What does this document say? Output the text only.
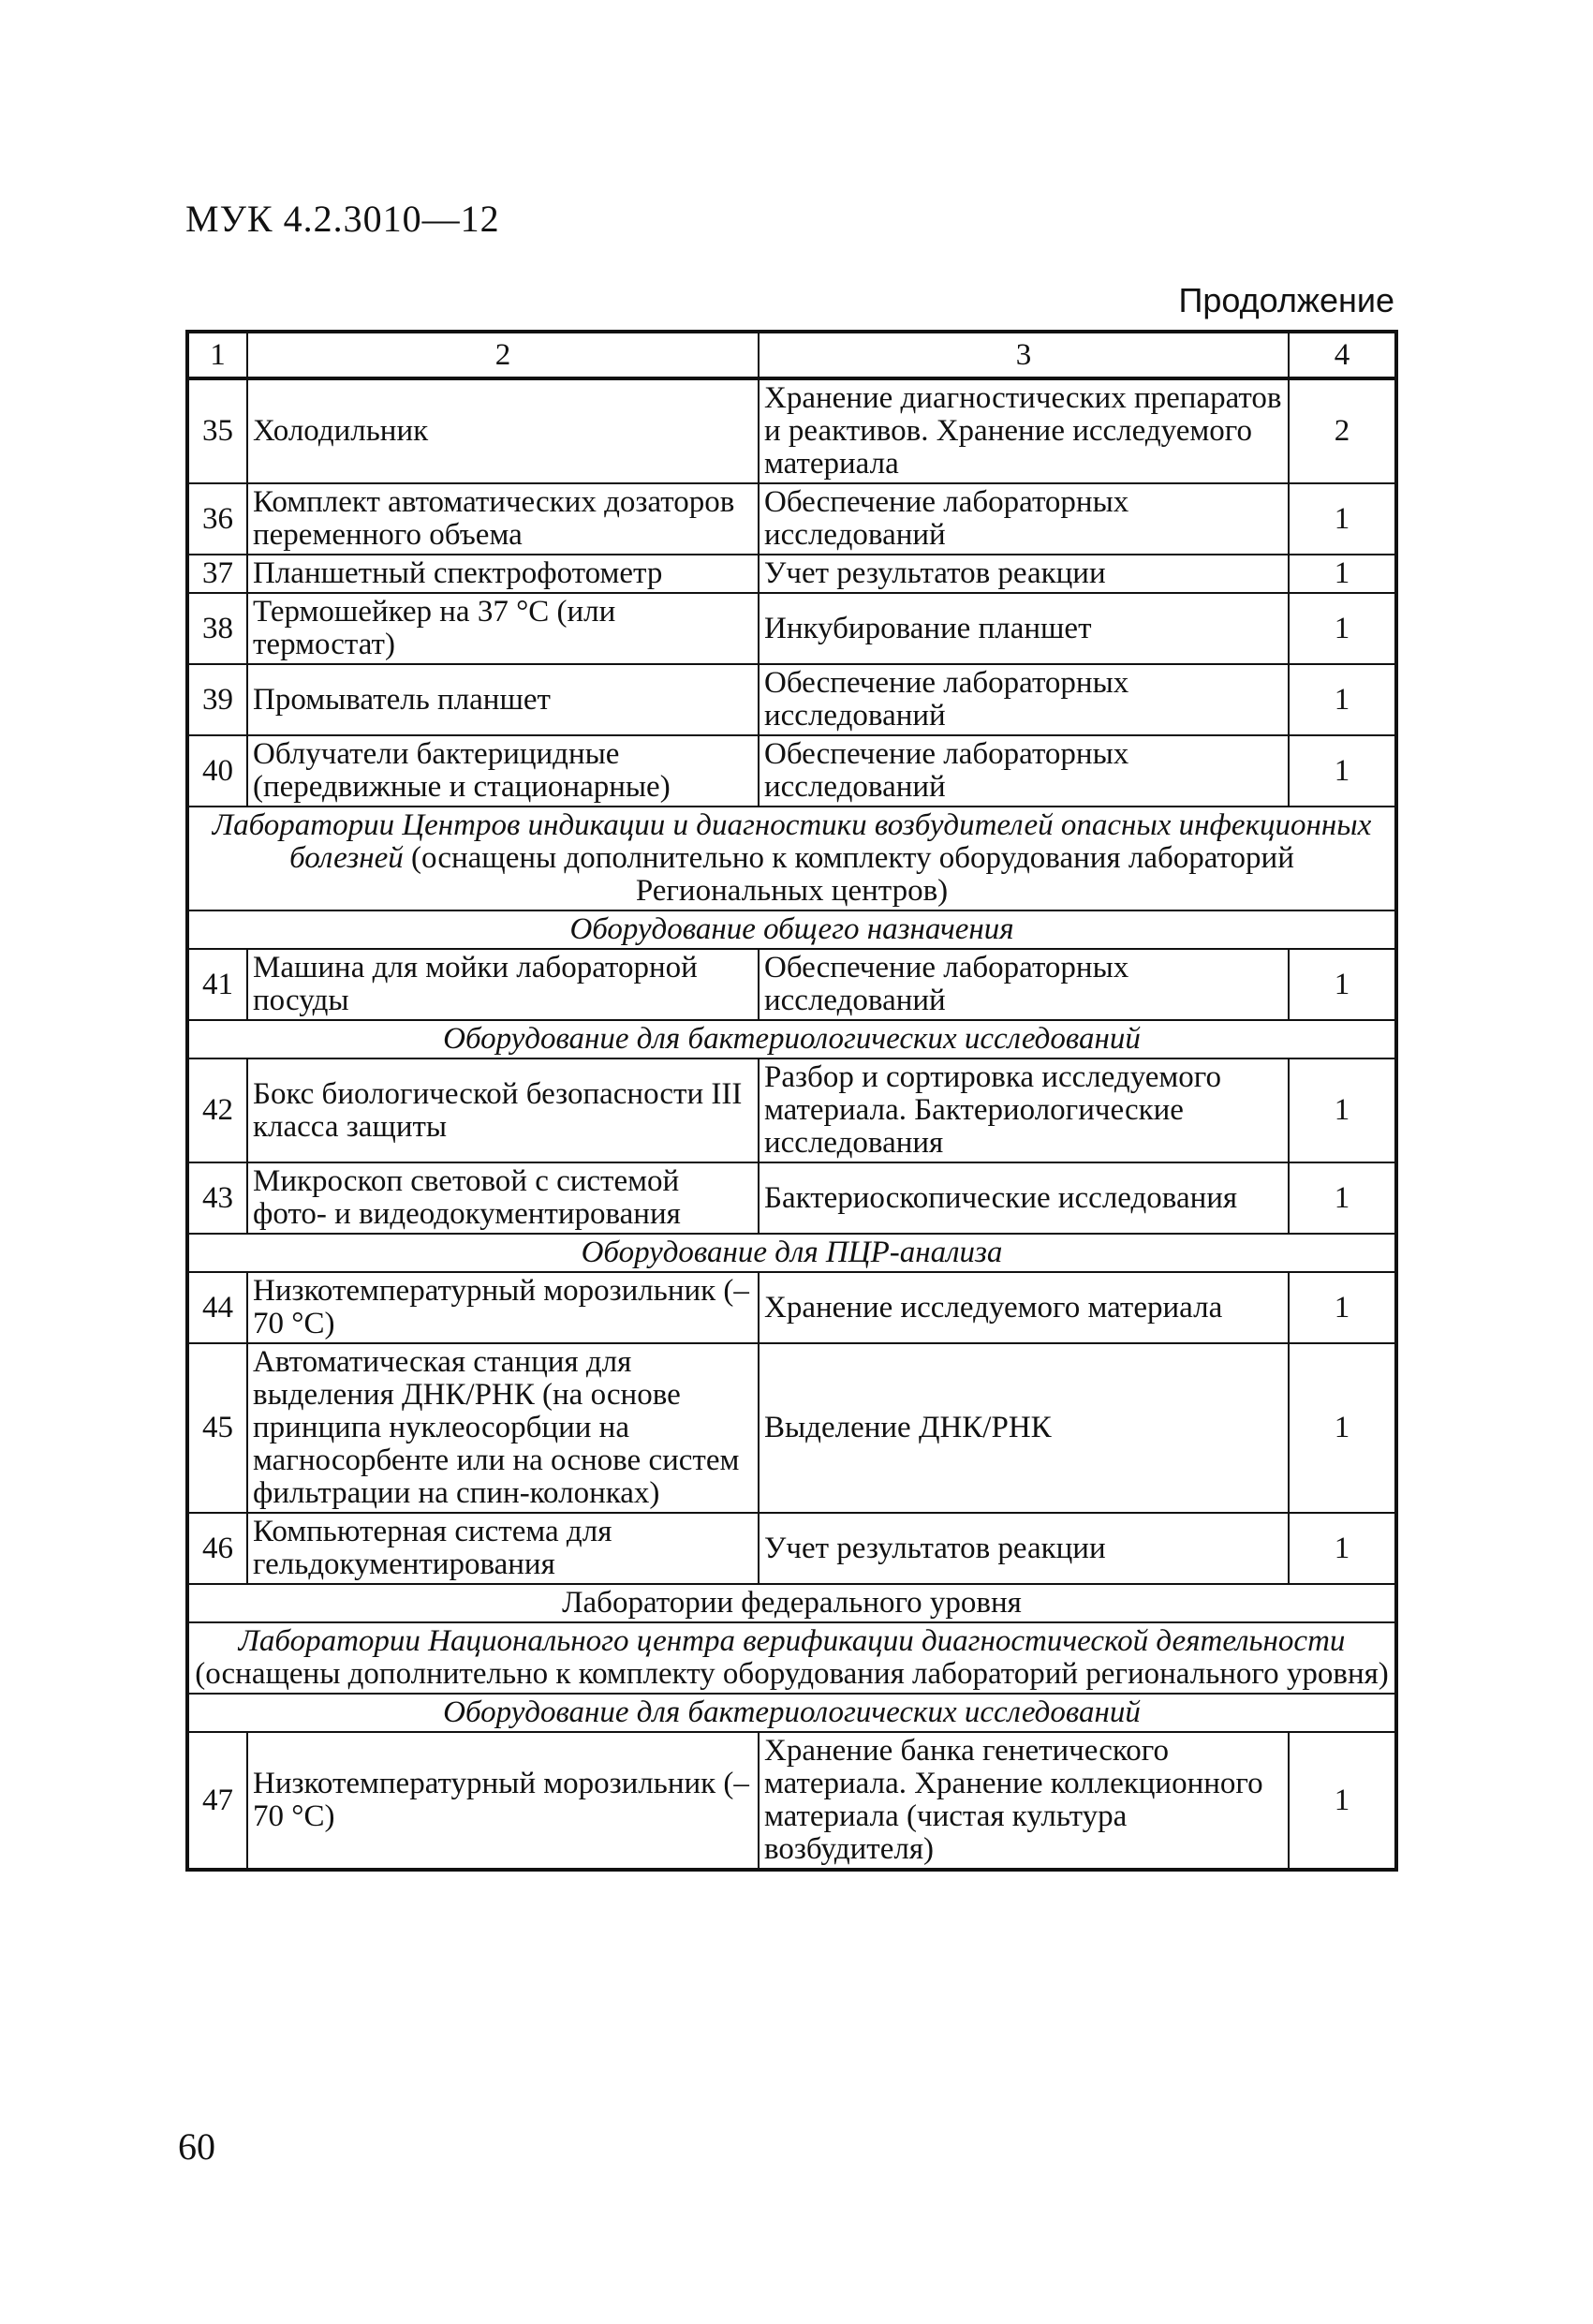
МУК 4.2.3010—12
Продолжение
1	2	3	4
35	Холодильник	Хранение диагностических препаратов и реактивов. Хранение исследуемого материала	2
36	Комплект автоматических дозаторов переменного объема	Обеспечение лабораторных исследований	1
37	Планшетный спектрофотометр	Учет результатов реакции	1
38	Термошейкер на 37 °С (или термостат)	Инкубирование планшет	1
39	Промыватель планшет	Обеспечение лабораторных исследований	1
40	Облучатели бактерицидные (передвижные и стационарные)	Обеспечение лабораторных исследований	1
Лаборатории Центров индикации и диагностики возбудителей опасных инфекционных болезней (оснащены дополнительно к комплекту оборудования лабораторий Региональных центров)			
Оборудование общего назначения			
41	Машина для мойки лабораторной посуды	Обеспечение лабораторных исследований	1
Оборудование для бактериологических исследований			
42	Бокс биологической безопасности III класса защиты	Разбор и сортировка исследуемого материала. Бактериологические исследования	1
43	Микроскоп световой с системой фото- и видеодокументирования	Бактериоскопические исследования	1
Оборудование для ПЦР-анализа			
44	Низкотемпературный морозильник (–70 °С)	Хранение исследуемого материала	1
45	Автоматическая станция для выделения ДНК/РНК (на основе принципа нуклеосорбции на магносорбенте или на основе систем фильтрации на спин-колонках)	Выделение ДНК/РНК	1
46	Компьютерная система для гельдокументирования	Учет результатов реакции	1
Лаборатории федерального уровня			
Лаборатории Национального центра верификации диагностической деятельности (оснащены дополнительно к комплекту оборудования лабораторий регионального уровня)			
Оборудование для бактериологических исследований			
47	Низкотемпературный морозильник (–70 °С)	Хранение банка генетического материала. Хранение коллекционного материала (чистая культура возбудителя)	1
60
